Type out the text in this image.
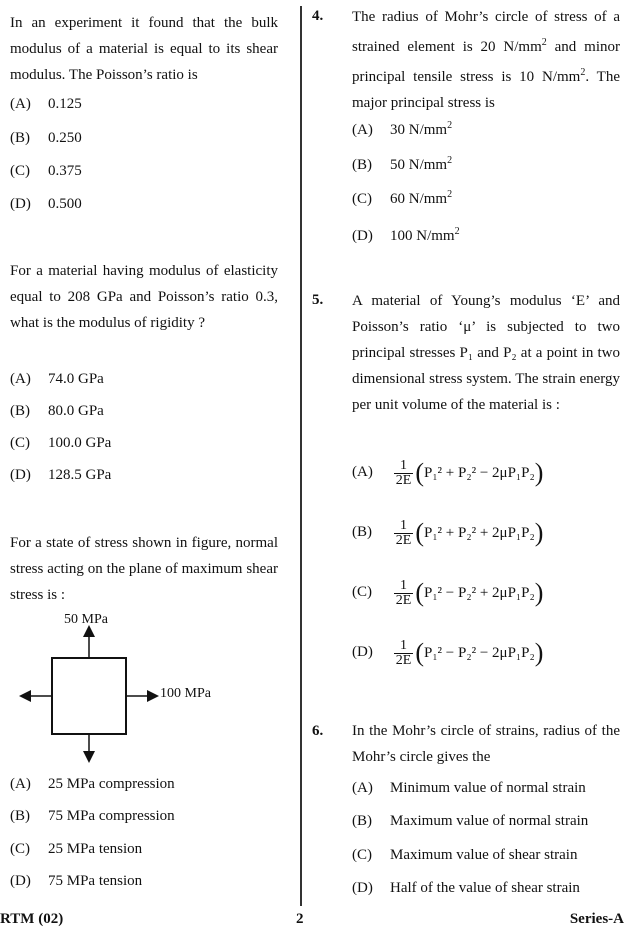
In an experiment it found that the bulk modulus of a material is equal to its shear modulus. The Poisson’s ratio is
(A) 0.125
(B) 0.250
(C) 0.375
(D) 0.500
For a material having modulus of elasticity equal to 208 GPa and Poisson’s ratio 0.3, what is the modulus of rigidity ?
(A) 74.0 GPa
(B) 80.0 GPa
(C) 100.0 GPa
(D) 128.5 GPa
For a state of stress shown in figure, normal stress acting on the plane of maximum shear stress is :
50 MPa
100 MPa
(A) 25 MPa compression
(B) 75 MPa compression
(C) 25 MPa tension
(D) 75 MPa tension
4. The radius of Mohr’s circle of stress of a strained element is 20 $N/mm^2$ and minor principal tensile stress is 10 $N/mm^2$. The major principal stress is
(A) 30 $N/mm^2$
(B) 50 $N/mm^2$
(C) 60 $N/mm^2$
(D) 100 $N/mm^2$
5. A material of Young’s modulus ‘E’ and Poisson’s ratio ‘μ’ is subjected to two principal stresses P₁ and P₂ at a point in two dimensional stress system. The strain energy per unit volume of the material is :
$(A) \frac{1}{2E} (P_1^2 + P_2^2 - 2\mu P_1P_2)$
$(B) \frac{1}{2E} (P_1^2 + P_2^2 + 2\mu P_1P_2)$
$(C) \frac{1}{2E} (P_1^2 - P_2^2 + 2\mu P_1P_2)$
$(D) \frac{1}{2E} (P_1^2 - P_2^2 - 2\mu P_1P_2)$
6. In the Mohr’s circle of strains, radius of the Mohr’s circle gives the
(A) Minimum value of normal strain
(B) Maximum value of normal strain
(C) Maximum value of shear strain
(D) Half of the value of shear strain
RTM (02)	2	Series-A
